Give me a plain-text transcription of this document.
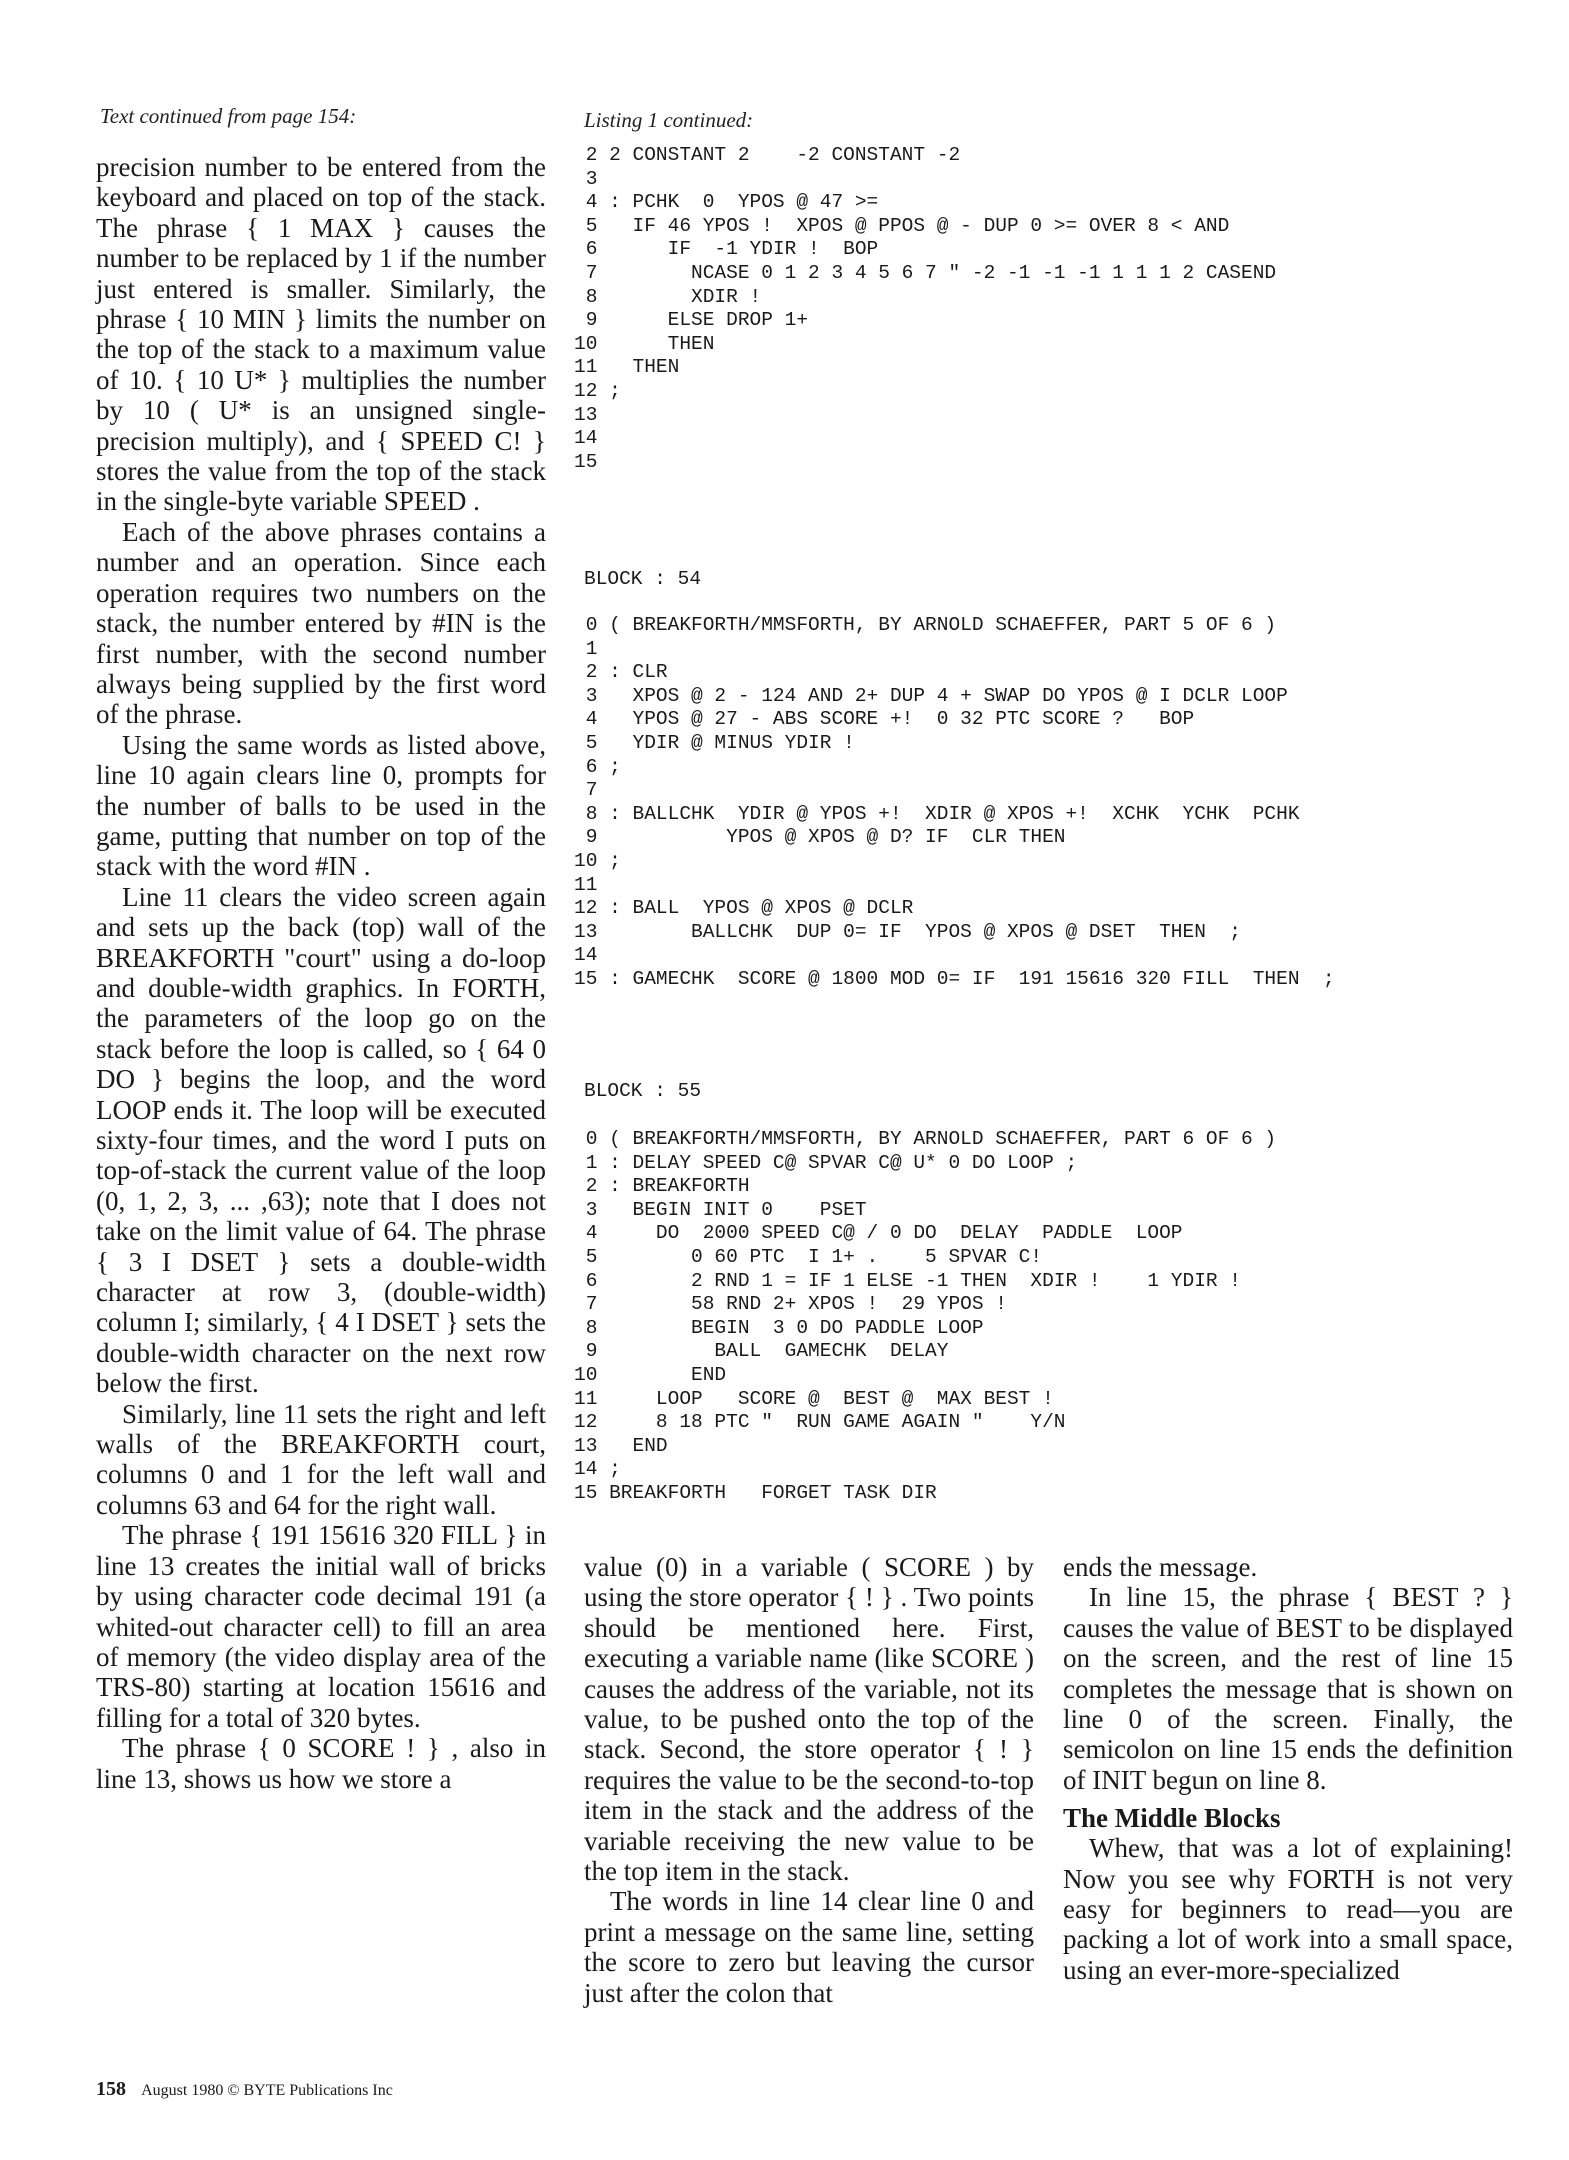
Text continued from page 154:	Listing 1 continued:

precision number to be entered from the keyboard and placed on top of the stack. The phrase { 1 MAX } causes the number to be replaced by 1 if the number just entered is smaller. Similarly, the phrase { 10 MIN } limits the number on the top of the stack to a maximum value of 10. { 10 U* } multiplies the number by 10 ( U* is an unsigned single-precision multiply), and { SPEED C! } stores the value from the top of the stack in the single-byte variable SPEED .

Each of the above phrases contains a number and an operation. Since each operation requires two numbers on the stack, the number entered by #IN is the first number, with the second number always being supplied by the first word of the phrase.

Using the same words as listed above, line 10 again clears line 0, prompts for the number of balls to be used in the game, putting that number on top of the stack with the word #IN .

Line 11 clears the video screen again and sets up the back (top) wall of the BREAKFORTH "court" using a do-loop and double-width graphics. In FORTH, the parameters of the loop go on the stack before the loop is called, so { 64 0 DO } begins the loop, and the word LOOP ends it. The loop will be executed sixty-four times, and the word I puts on top-of-stack the current value of the loop (0, 1, 2, 3, ... ,63); note that I does not take on the limit value of 64. The phrase { 3 I DSET } sets a double-width character at row 3, (double-width) column I; similarly, { 4 I DSET } sets the double-width character on the next row below the first.

Similarly, line 11 sets the right and left walls of the BREAKFORTH court, columns 0 and 1 for the left wall and columns 63 and 64 for the right wall.

The phrase { 191 15616 320 FILL } in line 13 creates the initial wall of bricks by using character code decimal 191 (a whited-out character cell) to fill an area of memory (the video display area of the TRS-80) starting at location 15616 and filling for a total of 320 bytes.

The phrase { 0 SCORE ! } , also in line 13, shows us how we store a

2 2 CONSTANT 2    -2 CONSTANT -2
3
4 : PCHK  0  YPOS @ 47 >=
5   IF 46 YPOS !  XPOS @ PPOS @ - DUP 0 >= OVER 8 < AND
6      IF  -1 YDIR !  BOP
7        NCASE 0 1 2 3 4 5 6 7 " -2 -1 -1 -1 1 1 1 2 CASEND
8        XDIR !
9      ELSE DROP 1+
10      THEN
11   THEN
12 ;
13
14
15
BLOCK : 54
0 ( BREAKFORTH/MMSFORTH, BY ARNOLD SCHAEFFER, PART 5 OF 6 )
1
2 : CLR
3   XPOS @ 2 - 124 AND 2+ DUP 4 + SWAP DO YPOS @ I DCLR LOOP
4   YPOS @ 27 - ABS SCORE +!  0 32 PTC SCORE ?   BOP
5   YDIR @ MINUS YDIR !
6 ;
7
8 : BALLCHK  YDIR @ YPOS +!  XDIR @ XPOS +!  XCHK  YCHK  PCHK
9           YPOS @ XPOS @ D? IF  CLR THEN
10 ;
11
12 : BALL  YPOS @ XPOS @ DCLR
13        BALLCHK  DUP 0= IF  YPOS @ XPOS @ DSET  THEN  ;
14
15 : GAMECHK  SCORE @ 1800 MOD 0= IF  191 15616 320 FILL  THEN  ;
BLOCK : 55
0 ( BREAKFORTH/MMSFORTH, BY ARNOLD SCHAEFFER, PART 6 OF 6 )
1 : DELAY SPEED C@ SPVAR C@ U* 0 DO LOOP ;
2 : BREAKFORTH
3   BEGIN INIT 0    PSET
4     DO  2000 SPEED C@ / 0 DO  DELAY  PADDLE  LOOP
5        0 60 PTC  I 1+ .    5 SPVAR C!
6        2 RND 1 = IF 1 ELSE -1 THEN  XDIR !    1 YDIR !
7        58 RND 2+ XPOS !  29 YPOS !
8        BEGIN  3 0 DO PADDLE LOOP
9          BALL  GAMECHK  DELAY
10        END
11     LOOP   SCORE @  BEST @  MAX BEST !
12     8 18 PTC "  RUN GAME AGAIN "    Y/N
13   END
14 ;
15 BREAKFORTH   FORGET TASK DIR

value (0) in a variable ( SCORE ) by using the store operator { ! } . Two points should be mentioned here. First, executing a variable name (like SCORE ) causes the address of the variable, not its value, to be pushed onto the top of the stack. Second, the store operator { ! } requires the value to be the second-to-top item in the stack and the address of the variable receiving the new value to be the top item in the stack.

The words in line 14 clear line 0 and print a message on the same line, setting the score to zero but leaving the cursor just after the colon that

ends the message.

In line 15, the phrase { BEST ? } causes the value of BEST to be displayed on the screen, and the rest of line 15 completes the message that is shown on line 0 of the screen. Finally, the semicolon on line 15 ends the definition of INIT begun on line 8.

The Middle Blocks

Whew, that was a lot of explaining! Now you see why FORTH is not very easy for beginners to read—you are packing a lot of work into a small space, using an ever-more-specialized

158 August 1980 © BYTE Publications Inc
